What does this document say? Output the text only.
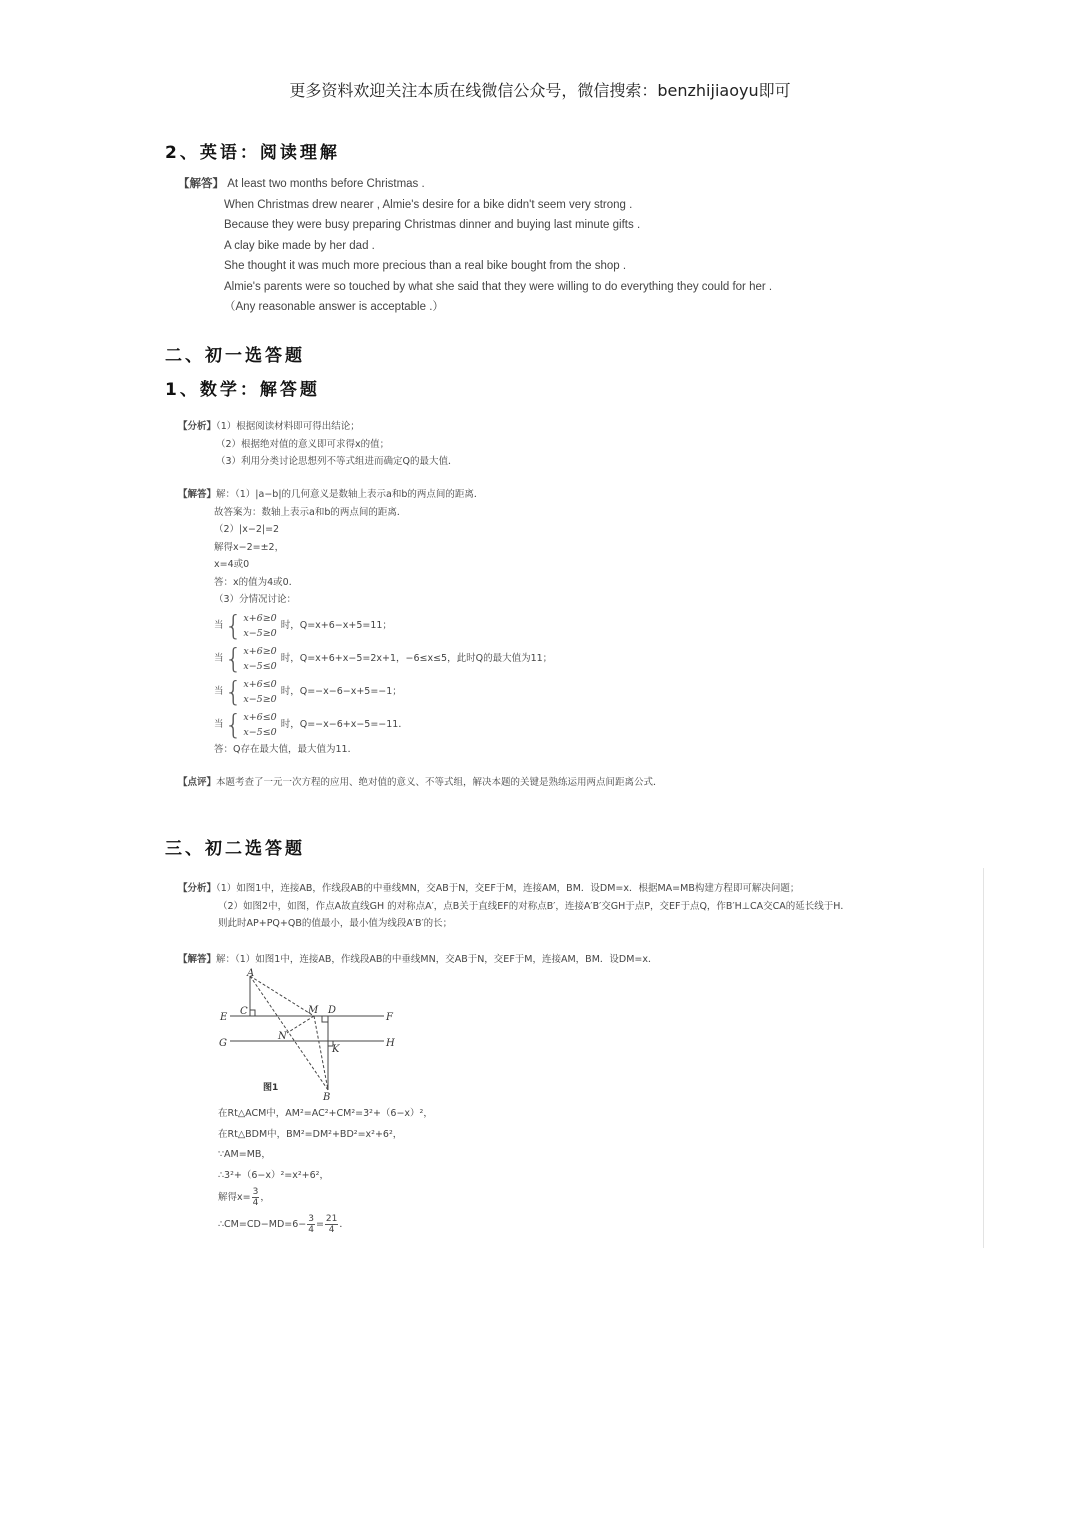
更多资料欢迎关注本质在线微信公众号，微信搜索：benzhijiaoyu即可
2、英语：阅读理解
【解答】 At least two months before Christmas .
When Christmas drew nearer , Almie's desire for a bike didn't seem very strong .
Because they were busy preparing Christmas dinner and buying last minute gifts .
A clay bike made by her dad .
She thought it was much more precious than a real bike bought from the shop .
Almie's parents were so touched by what she said that they were willing to do everything they could for her .
（Any reasonable answer is acceptable .）
二、初一选答题
1、数学：解答题
【分析】（1）根据阅读材料即可得出结论；
（2）根据绝对值的意义即可求得x的值；
（3）利用分类讨论思想列不等式组进而确定Q的最大值．
【解答】解：（1）|a−b|的几何意义是数轴上表示a和b的两点间的距离．
故答案为：数轴上表示a和b的两点间的距离．
（2）|x−2|=2
解得x−2=±2，
x=4或0
答：x的值为4或0．
（3）分情况讨论：
当 { x+6≥0
x−5≥0
时，Q=x+6−x+5=11；
当 { x+6≥0
x−5≤0
时，Q=x+6+x−5=2x+1，−6≤x≤5，此时Q的最大值为11；
当 { x+6≤0
x−5≥0
时，Q=−x−6−x+5=−1；
当 { x+6≤0
x−5≤0
时，Q=−x−6+x−5=−11．
答：Q存在最大值，最大值为11．
【点评】本题考查了一元一次方程的应用、绝对值的意义、不等式组，解决本题的关键是熟练运用两点间距离公式．
三、初二选答题
【分析】（1）如图1中，连接AB，作线段AB的中垂线MN，交AB于N，交EF于M，连接AM，BM．设DM=x．根据MA=MB构建方程即可解决问题；
（2）如图2中，如图，作点A故直线GH 的对称点A′，点B关于直线EF的对称点B′，连接A′B′交GH于点P，交EF于点Q，作B′H⊥CA交CA的延长线于H．
则此时AP+PQ+QB的值最小，最小值为线段A′B′的长；
【解答】解：（1）如图1中，连接AB，作线段AB的中垂线MN，交AB于N，交EF于M，连接AM，BM．设DM=x．
A
B
C	D
E	F
G	H
M
N
K
图1
在Rt△ACM中，AM²=AC²+CM²=3²+（6−x）²，
在Rt△BDM中，BM²=DM²+BD²=x²+6²，
∵AM=MB，
∴3²+（6−x）²=x²+6²，
解得$x= \frac{3}{4}$ ，
∴CM=CD−MD=6− $\frac{3}{4} = \frac{21}{4}$ ．
